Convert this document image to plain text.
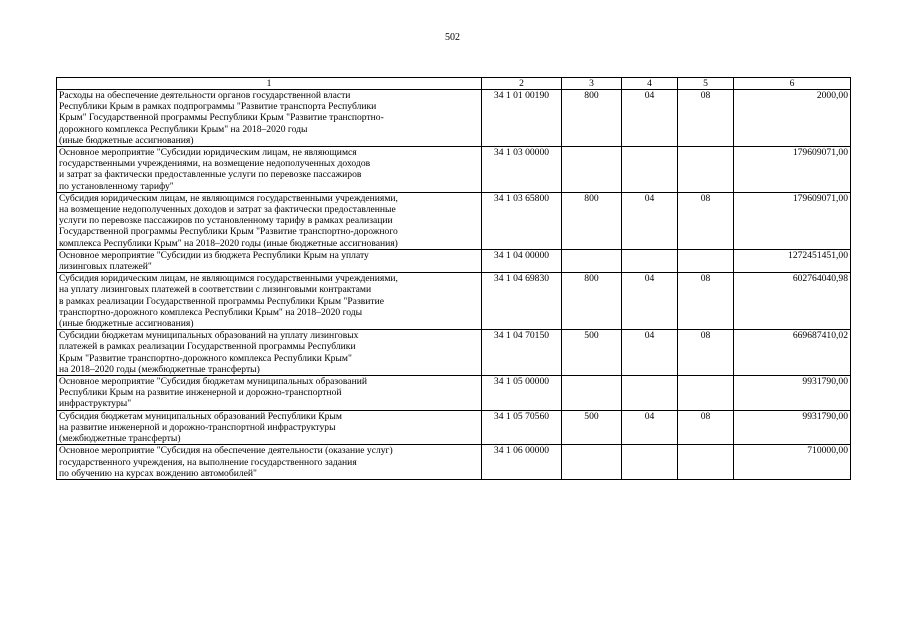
502
1	2	3	4	5	6

Расходы на обеспечение деятельности органов государственной власти
Республики Крым в рамках подпрограммы "Развитие транспорта Республики
Крым" Государственной программы Республики Крым "Развитие транспортно-
дорожного комплекса Республики Крым" на 2018–2020 годы
(иные бюджетные ассигнования)	34 1 01 00190	800	04	08	2000,00

Основное мероприятие "Субсидии юридическим лицам, не являющимся
государственными учреждениями, на возмещение недополученных доходов
и затрат за фактически предоставленные услуги по перевозке пассажиров
по установленному тарифу"	34 1 03 00000				179609071,00

Субсидия юридическим лицам, не являющимся государственными учреждениями,
на возмещение недополученных доходов и затрат за фактически предоставленные
услуги по перевозке пассажиров по установленному тарифу в рамках реализации
Государственной программы Республики Крым "Развитие транспортно-дорожного
комплекса Республики Крым" на 2018–2020 годы (иные бюджетные ассигнования)	34 1 03 65800	800	04	08	179609071,00

Основное мероприятие "Субсидии из бюджета Республики Крым на уплату
лизинговых платежей"	34 1 04 00000				1272451451,00

Субсидия юридическим лицам, не являющимся государственными учреждениями,
на уплату лизинговых платежей в соответствии с лизинговыми контрактами
в рамках реализации Государственной программы Республики Крым "Развитие
транспортно-дорожного комплекса Республики Крым" на 2018–2020 годы
(иные бюджетные ассигнования)	34 1 04 69830	800	04	08	602764040,98

Субсидии бюджетам муниципальных образований на уплату лизинговых
платежей в рамках реализации Государственной программы Республики
Крым "Развитие транспортно-дорожного комплекса Республики Крым"
на 2018–2020 годы (межбюджетные трансферты)	34 1 04 70150	500	04	08	669687410,02

Основное мероприятие "Субсидия бюджетам муниципальных образований
Республики Крым на развитие инженерной и дорожно-транспортной
инфраструктуры"	34 1 05 00000				9931790,00

Субсидия бюджетам муниципальных образований Республики Крым
на развитие инженерной и дорожно-транспортной инфраструктуры
(межбюджетные трансферты)	34 1 05 70560	500	04	08	9931790,00

Основное мероприятие "Субсидия на обеспечение деятельности (оказание услуг)
государственного учреждения, на выполнение государственного задания
по обучению на курсах вождению автомобилей"	34 1 06 00000				710000,00
